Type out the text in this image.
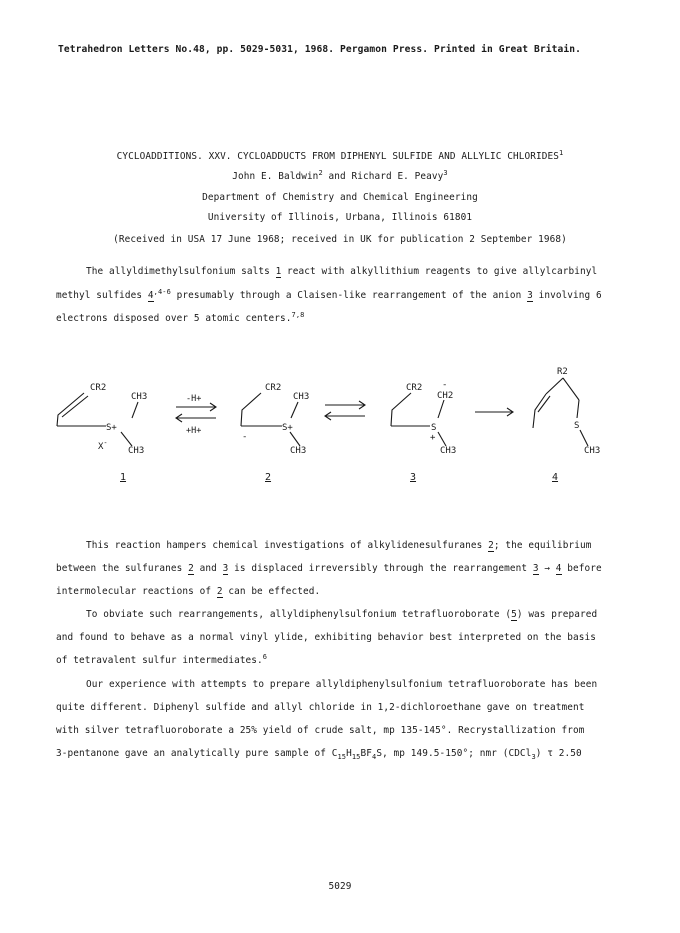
Tetrahedron Letters No.48, pp. 5029-5031, 1968. Pergamon Press. Printed in Great Britain.
CYCLOADDITIONS. XXV. CYCLOADDUCTS FROM DIPHENYL SULFIDE AND ALLYLIC CHLORIDES$^1$
John E. Baldwin$^2$ and Richard E. Peavy$^3$
Department of Chemistry and Chemical Engineering
University of Illinois, Urbana, Illinois 61801
(Received in USA 17 June 1968; received in UK for publication 2 September 1968)
The allyldimethylsulfonium salts 1 react with alkyllithium reagents to give allylcarbinyl
methyl sulfides $4^{,4-6}$ presumably through a Claisen-like rearrangement of the anion 3 involving 6
electrons disposed over 5 atomic centers.$^{7,8}$
CR2
CH3
S+
X-
CH3
-H+
+H+
CR2
CH3
-
S+
CH3
CR2
CH2
-
S
+
CH3
R2
S
CH3
1	2	3	4
This reaction hampers chemical investigations of alkylidenesulfuranes 2; the equilibrium
between the sulfuranes 2 and 3 is displaced irreversibly through the rearrangement 3 → 4 before
intermolecular reactions of 2 can be effected.
To obviate such rearrangements, allyldiphenylsulfonium tetrafluoroborate (5) was prepared
and found to behave as a normal vinyl ylide, exhibiting behavior best interpreted on the basis
of tetravalent sulfur intermediates.$^6$
Our experience with attempts to prepare allyldiphenylsulfonium tetrafluoroborate has been
quite different. Diphenyl sulfide and allyl chloride in 1,2-dichloroethane gave on treatment
with silver tetrafluoroborate a 25% yield of crude salt, mp 135-145°. Recrystallization from
3-pentanone gave an analytically pure sample of $C_{15}H_{15}BF_4S$, mp 149.5-150°; nmr (CDCl$_3$) τ 2.50
5029
